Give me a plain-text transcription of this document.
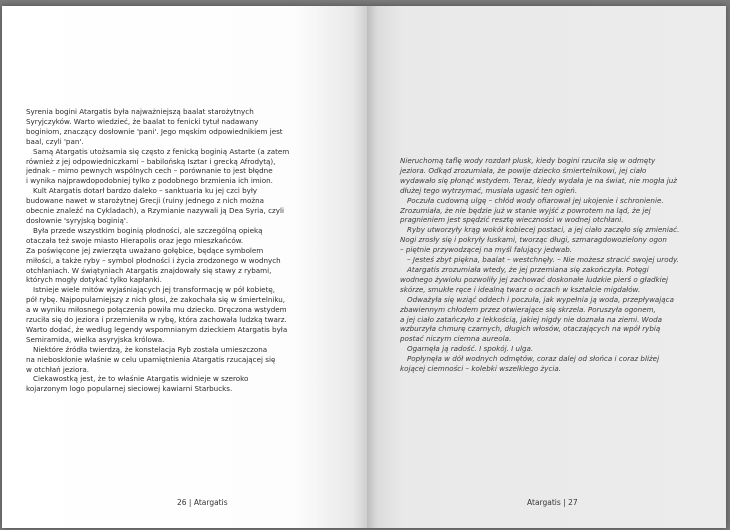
Syrenia bogini Atargatis była najważniejszą baalat starożytnych

Syryjczyków. Warto wiedzieć, że baalat to fenicki tytuł nadawany

boginiom, znaczący dosłownie 'pani'. Jego męskim odpowiednikiem jest

baal, czyli 'pan'.

Samą Atargatis utożsamia się często z fenicką boginią Astarte (a zatem

również z jej odpowiedniczkami – babilońską Isztar i grecką Afrodytą),

jednak – mimo pewnych wspólnych cech – porównanie to jest błędne

i wynika najprawdopodobniej tylko z podobnego brzmienia ich imion.

Kult Atargatis dotarł bardzo daleko – sanktuaria ku jej czci były

budowane nawet w starożytnej Grecji (ruiny jednego z nich można

obecnie znaleźć na Cykladach), a Rzymianie nazywali ją Dea Syria, czyli

dosłownie 'syryjską boginią'.

Była przede wszystkim boginią płodności, ale szczególną opieką

otaczała też swoje miasto Hierapolis oraz jego mieszkańców.

Za poświęcone jej zwierzęta uważano gołębice, będące symbolem

miłości, a także ryby – symbol płodności i życia zrodzonego w wodnych

otchłaniach. W świątyniach Atargatis znajdowały się stawy z rybami,

których mogły dotykać tylko kapłanki.

Istnieje wiele mitów wyjaśniających jej transformację w pół kobietę,

pół rybę. Najpopularniejszy z nich głosi, że zakochała się w śmiertelniku,

a w wyniku miłosnego połączenia powiła mu dziecko. Dręczona wstydem

rzuciła się do jeziora i przemieniła w rybę, która zachowała ludzką twarz.

Warto dodać, że według legendy wspomnianym dzieckiem Atargatis była

Semiramida, wielka asyryjska królowa.

Niektóre źródła twierdzą, że konstelacja Ryb została umieszczona

na nieboskłonie właśnie w celu upamiętnienia Atargatis rzucającej się

w otchłań jeziora.

Ciekawostką jest, że to właśnie Atargatis widnieje w szeroko

kojarzonym logo popularnej sieciowej kawiarni Starbucks.

26 | Atargatis

Nieruchomą taflę wody rozdarł plusk, kiedy bogini rzuciła się w odmęty

jeziora. Odkąd zrozumiała, że powije dziecko śmiertelnikowi, jej ciało

wydawało się płonąć wstydem. Teraz, kiedy wydała je na świat, nie mogła już

dłużej tego wytrzymać, musiała ugasić ten ogień.

Poczuła cudowną ulgę – chłód wody ofiarował jej ukojenie i schronienie.

Zrozumiała, że nie będzie już w stanie wyjść z powrotem na ląd, że jej

pragnieniem jest spędzić resztę wieczności w wodnej otchłani.

Ryby utworzyły krąg wokół kobiecej postaci, a jej ciało zaczęło się zmieniać.

Nogi zrosły się i pokryły łuskami, tworząc długi, szmaragdowozielony ogon

– piętnie przywodzącej na myśl falujący jedwab.

– Jesteś zbyt piękna, baalat – westchnęły. – Nie możesz stracić swojej urody.

Atargatis zrozumiała wtedy, że jej przemiana się zakończyła. Potęgi

wodnego żywiołu pozwoliły jej zachować doskonałe ludzkie pierś o gładkiej

skórze, smukłe ręce i idealną twarz o oczach w kształcie migdałów.

Odważyła się wziąć oddech i poczuła, jak wypełnia ją woda, przepływająca

zbawiennym chłodem przez otwierające się skrzela. Poruszyła ogonem,

a jej ciało zatańczyło z lekkością, jakiej nigdy nie doznała na ziemi. Woda

wzburzyła chmurę czarnych, długich włosów, otaczających na wpół rybią

postać niczym ciemna aureola.

Ogarnęła ją radość. I spokój. I ulga.

Popłynęła w dół wodnych odmętów, coraz dalej od słońca i coraz bliżej

kojącej ciemności – kolebki wszelkiego życia.

Atargatis | 27
